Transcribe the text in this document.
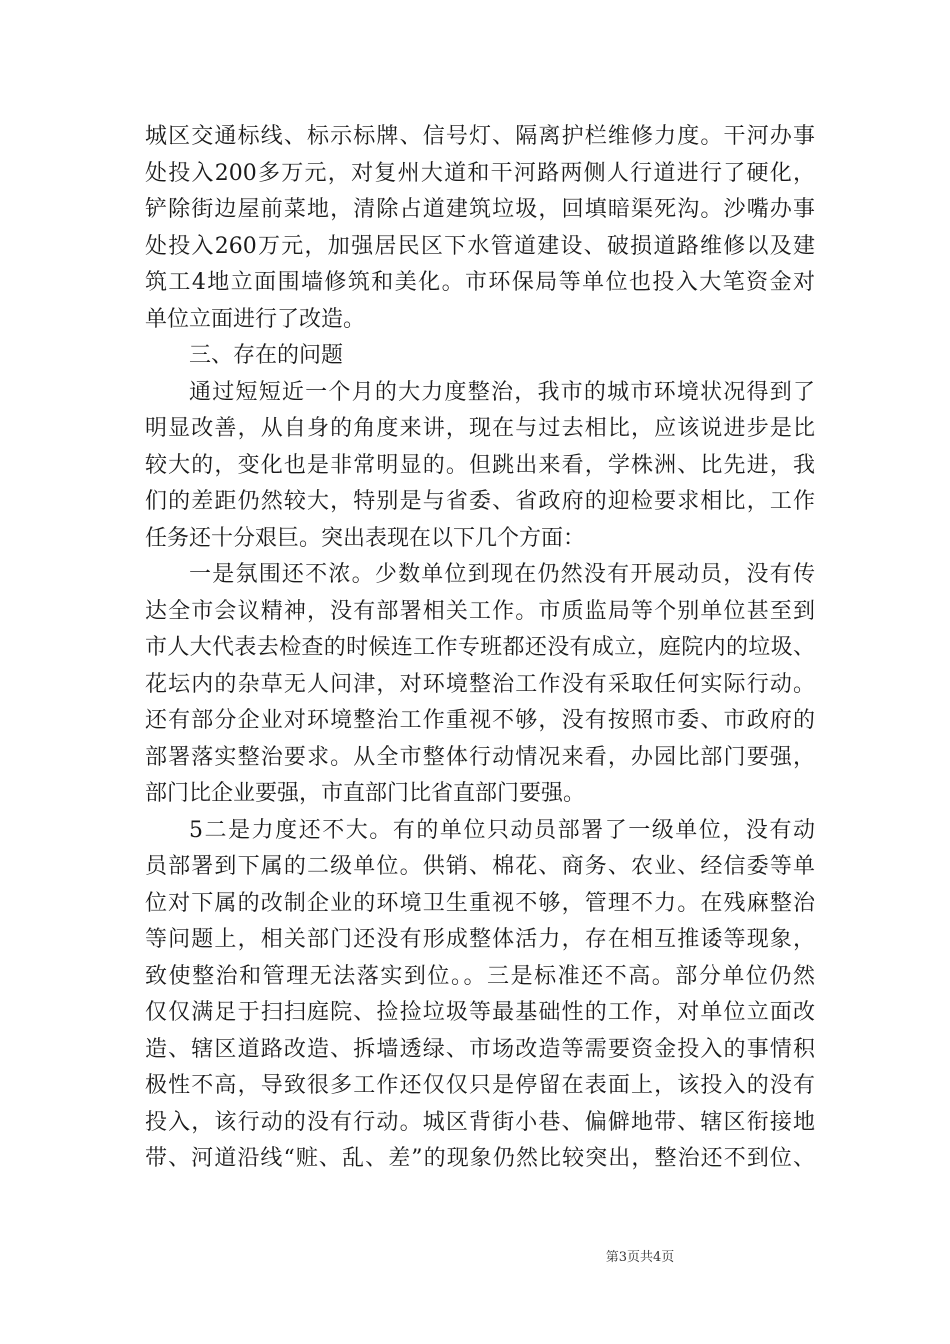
城区交通标线、标示标牌、信号灯、隔离护栏维修力度。干河办事
处投入200多万元，对复州大道和干河路两侧人行道进行了硬化，
铲除街边屋前菜地，清除占道建筑垃圾，回填暗渠死沟。沙嘴办事
处投入260万元，加强居民区下水管道建设、破损道路维修以及建
筑工4地立面围墙修筑和美化。市环保局等单位也投入大笔资金对
单位立面进行了改造。
三、存在的问题
通过短短近一个月的大力度整治，我市的城市环境状况得到了
明显改善，从自身的角度来讲，现在与过去相比，应该说进步是比
较大的，变化也是非常明显的。但跳出来看，学株洲、比先进，我
们的差距仍然较大，特别是与省委、省政府的迎检要求相比，工作
任务还十分艰巨。突出表现在以下几个方面：
一是氛围还不浓。少数单位到现在仍然没有开展动员，没有传
达全市会议精神，没有部署相关工作。市质监局等个别单位甚至到
市人大代表去检查的时候连工作专班都还没有成立，庭院内的垃圾、
花坛内的杂草无人问津，对环境整治工作没有采取任何实际行动。
还有部分企业对环境整治工作重视不够，没有按照市委、市政府的
部署落实整治要求。从全市整体行动情况来看，办园比部门要强，
部门比企业要强，市直部门比省直部门要强。
5二是力度还不大。有的单位只动员部署了一级单位，没有动
员部署到下属的二级单位。供销、棉花、商务、农业、经信委等单
位对下属的改制企业的环境卫生重视不够，管理不力。在残麻整治
等问题上，相关部门还没有形成整体活力，存在相互推诿等现象，
致使整治和管理无法落实到位。。三是标准还不高。部分单位仍然
仅仅满足于扫扫庭院、捡捡垃圾等最基础性的工作，对单位立面改
造、辖区道路改造、拆墙透绿、市场改造等需要资金投入的事情积
极性不高，导致很多工作还仅仅只是停留在表面上，该投入的没有
投入，该行动的没有行动。城区背街小巷、偏僻地带、辖区衔接地
带、河道沿线“赃、乱、差”的现象仍然比较突出，整治还不到位、
第3页共4页
